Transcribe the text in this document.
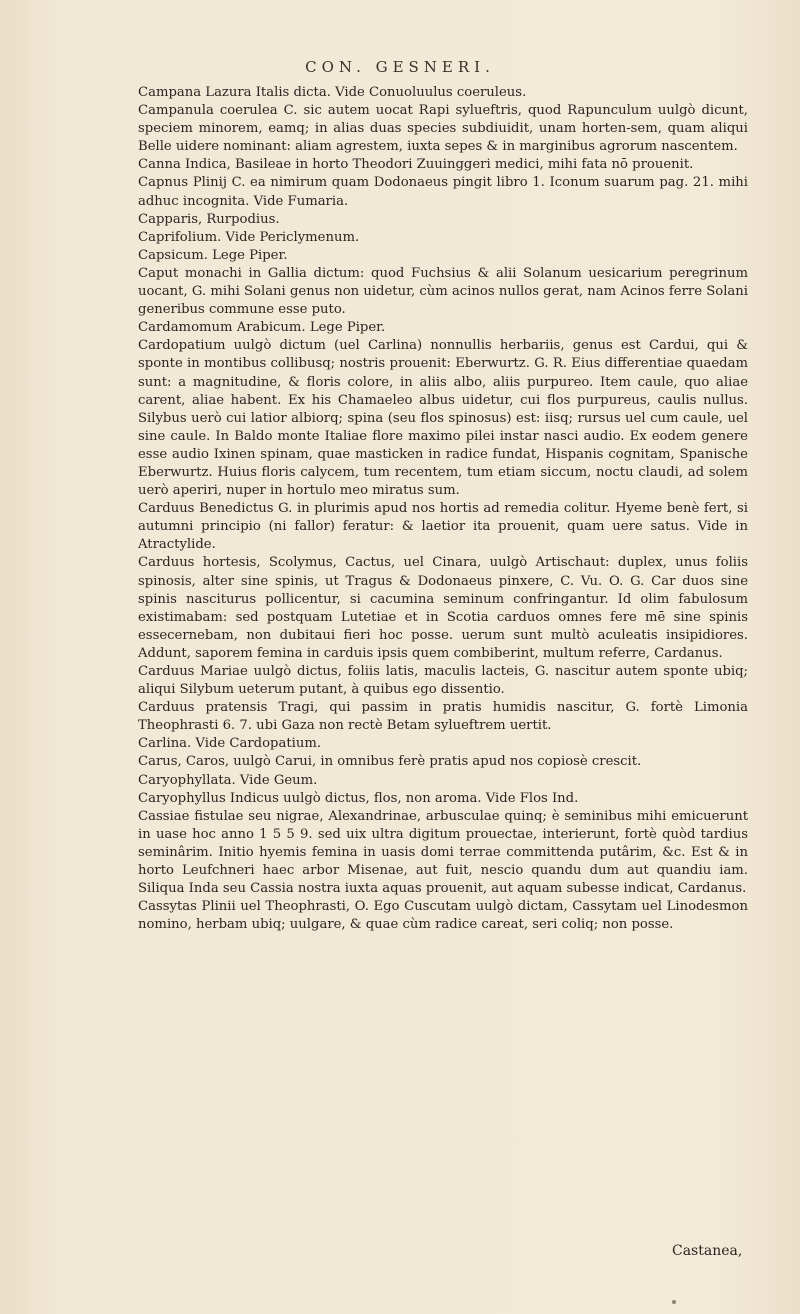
CON. GESNERI.

Campana Lazura Italis dicta. Vide Conuoluulus coeruleus.

Campanula coerulea C. sic autem uocat Rapi sylueftris, quod Rapunculum uulgò dicunt, speciem minorem, eamq; in alias duas species subdiuidit, unam horten-sem, quam aliqui Belle uidere nominant: aliam agrestem, iuxta sepes & in marginibus agrorum nascentem.

Canna Indica, Basileae in horto Theodori Zuuinggeri medici, mihi fata nō prouenit.

Capnus Plinij C. ea nimirum quam Dodonaeus pingit libro 1. Iconum suarum pag. 21. mihi adhuc incognita. Vide Fumaria.

Capparis, Rurpodius.

Caprifolium. Vide Periclymenum.

Capsicum. Lege Piper.

Caput monachi in Gallia dictum: quod Fuchsius & alii Solanum uesicarium peregrinum uocant, G. mihi Solani genus non uidetur, cùm acinos nullos gerat, nam Acinos ferre Solani generibus commune esse puto.

Cardamomum Arabicum. Lege Piper.

Cardopatium uulgò dictum (uel Carlina) nonnullis herbariis, genus est Cardui, qui & sponte in montibus collibusq; nostris prouenit: Eberwurtz. G. R. Eius differentiae quaedam sunt: a magnitudine, & floris colore, in aliis albo, aliis purpureo. Item caule, quo aliae carent, aliae habent. Ex his Chamaeleo albus uidetur, cui flos purpureus, caulis nullus. Silybus uerò cui latior albiorq; spina (seu flos spinosus) est: iisq; rursus uel cum caule, uel sine caule. In Baldo monte Italiae flore maximo pilei instar nasci audio. Ex eodem genere esse audio Ixinen spinam, quae masticken in radice fundat, Hispanis cognitam, Spanische Eberwurtz. Huius floris calycem, tum recentem, tum etiam siccum, noctu claudi, ad solem uerò aperiri, nuper in hortulo meo miratus sum.

Carduus Benedictus G. in plurimis apud nos hortis ad remedia colitur. Hyeme benè fert, si autumni principio (ni fallor) feratur: & laetior ita prouenit, quam uere satus. Vide in Atractylide.

Carduus hortesis, Scolymus, Cactus, uel Cinara, uulgò Artischaut: duplex, unus foliis spinosis, alter sine spinis, ut Tragus & Dodonaeus pinxere, C. Vu. O. G. Car duos sine spinis nasciturus pollicentur, si cacumina seminum confringantur. Id olim fabulosum existimabam: sed postquam Lutetiae et in Scotia carduos omnes fere mē sine spinis essecernebam, non dubitaui fieri hoc posse. uerum sunt multò aculeatis insipidiores. Addunt, saporem femina in carduis ipsis quem combiberint, multum referre, Cardanus.

Carduus Mariae uulgò dictus, foliis latis, maculis lacteis, G. nascitur autem sponte ubiq; aliqui Silybum ueterum putant, à quibus ego dissentio.

Carduus pratensis Tragi, qui passim in pratis humidis nascitur, G. fortè Limonia Theophrasti 6. 7. ubi Gaza non rectè Betam sylueftrem uertit.

Carlina. Vide Cardopatium.

Carus, Caros, uulgò Carui, in omnibus ferè pratis apud nos copiosè crescit.

Caryophyllata. Vide Geum.

Caryophyllus Indicus uulgò dictus, flos, non aroma. Vide Flos Ind.

Cassiae fistulae seu nigrae, Alexandrinae, arbusculae quinq; è seminibus mihi emicuerunt in uase hoc anno 1 5 5 9. sed uix ultra digitum prouectae, interierunt, fortè quòd tardius seminârim. Initio hyemis femina in uasis domi terrae committenda putârim, &c. Est & in horto Leufchneri haec arbor Misenae, aut fuit, nescio quandu dum aut quandiu iam. Siliqua Inda seu Cassia nostra iuxta aquas prouenit, aut aquam subesse indicat, Cardanus.

Cassytas Plinii uel Theophrasti, O. Ego Cuscutam uulgò dictam, Cassytam uel Linodesmon nomino, herbam ubiq; uulgare, & quae cùm radice careat, seri coliq; non posse.

Castanea,
